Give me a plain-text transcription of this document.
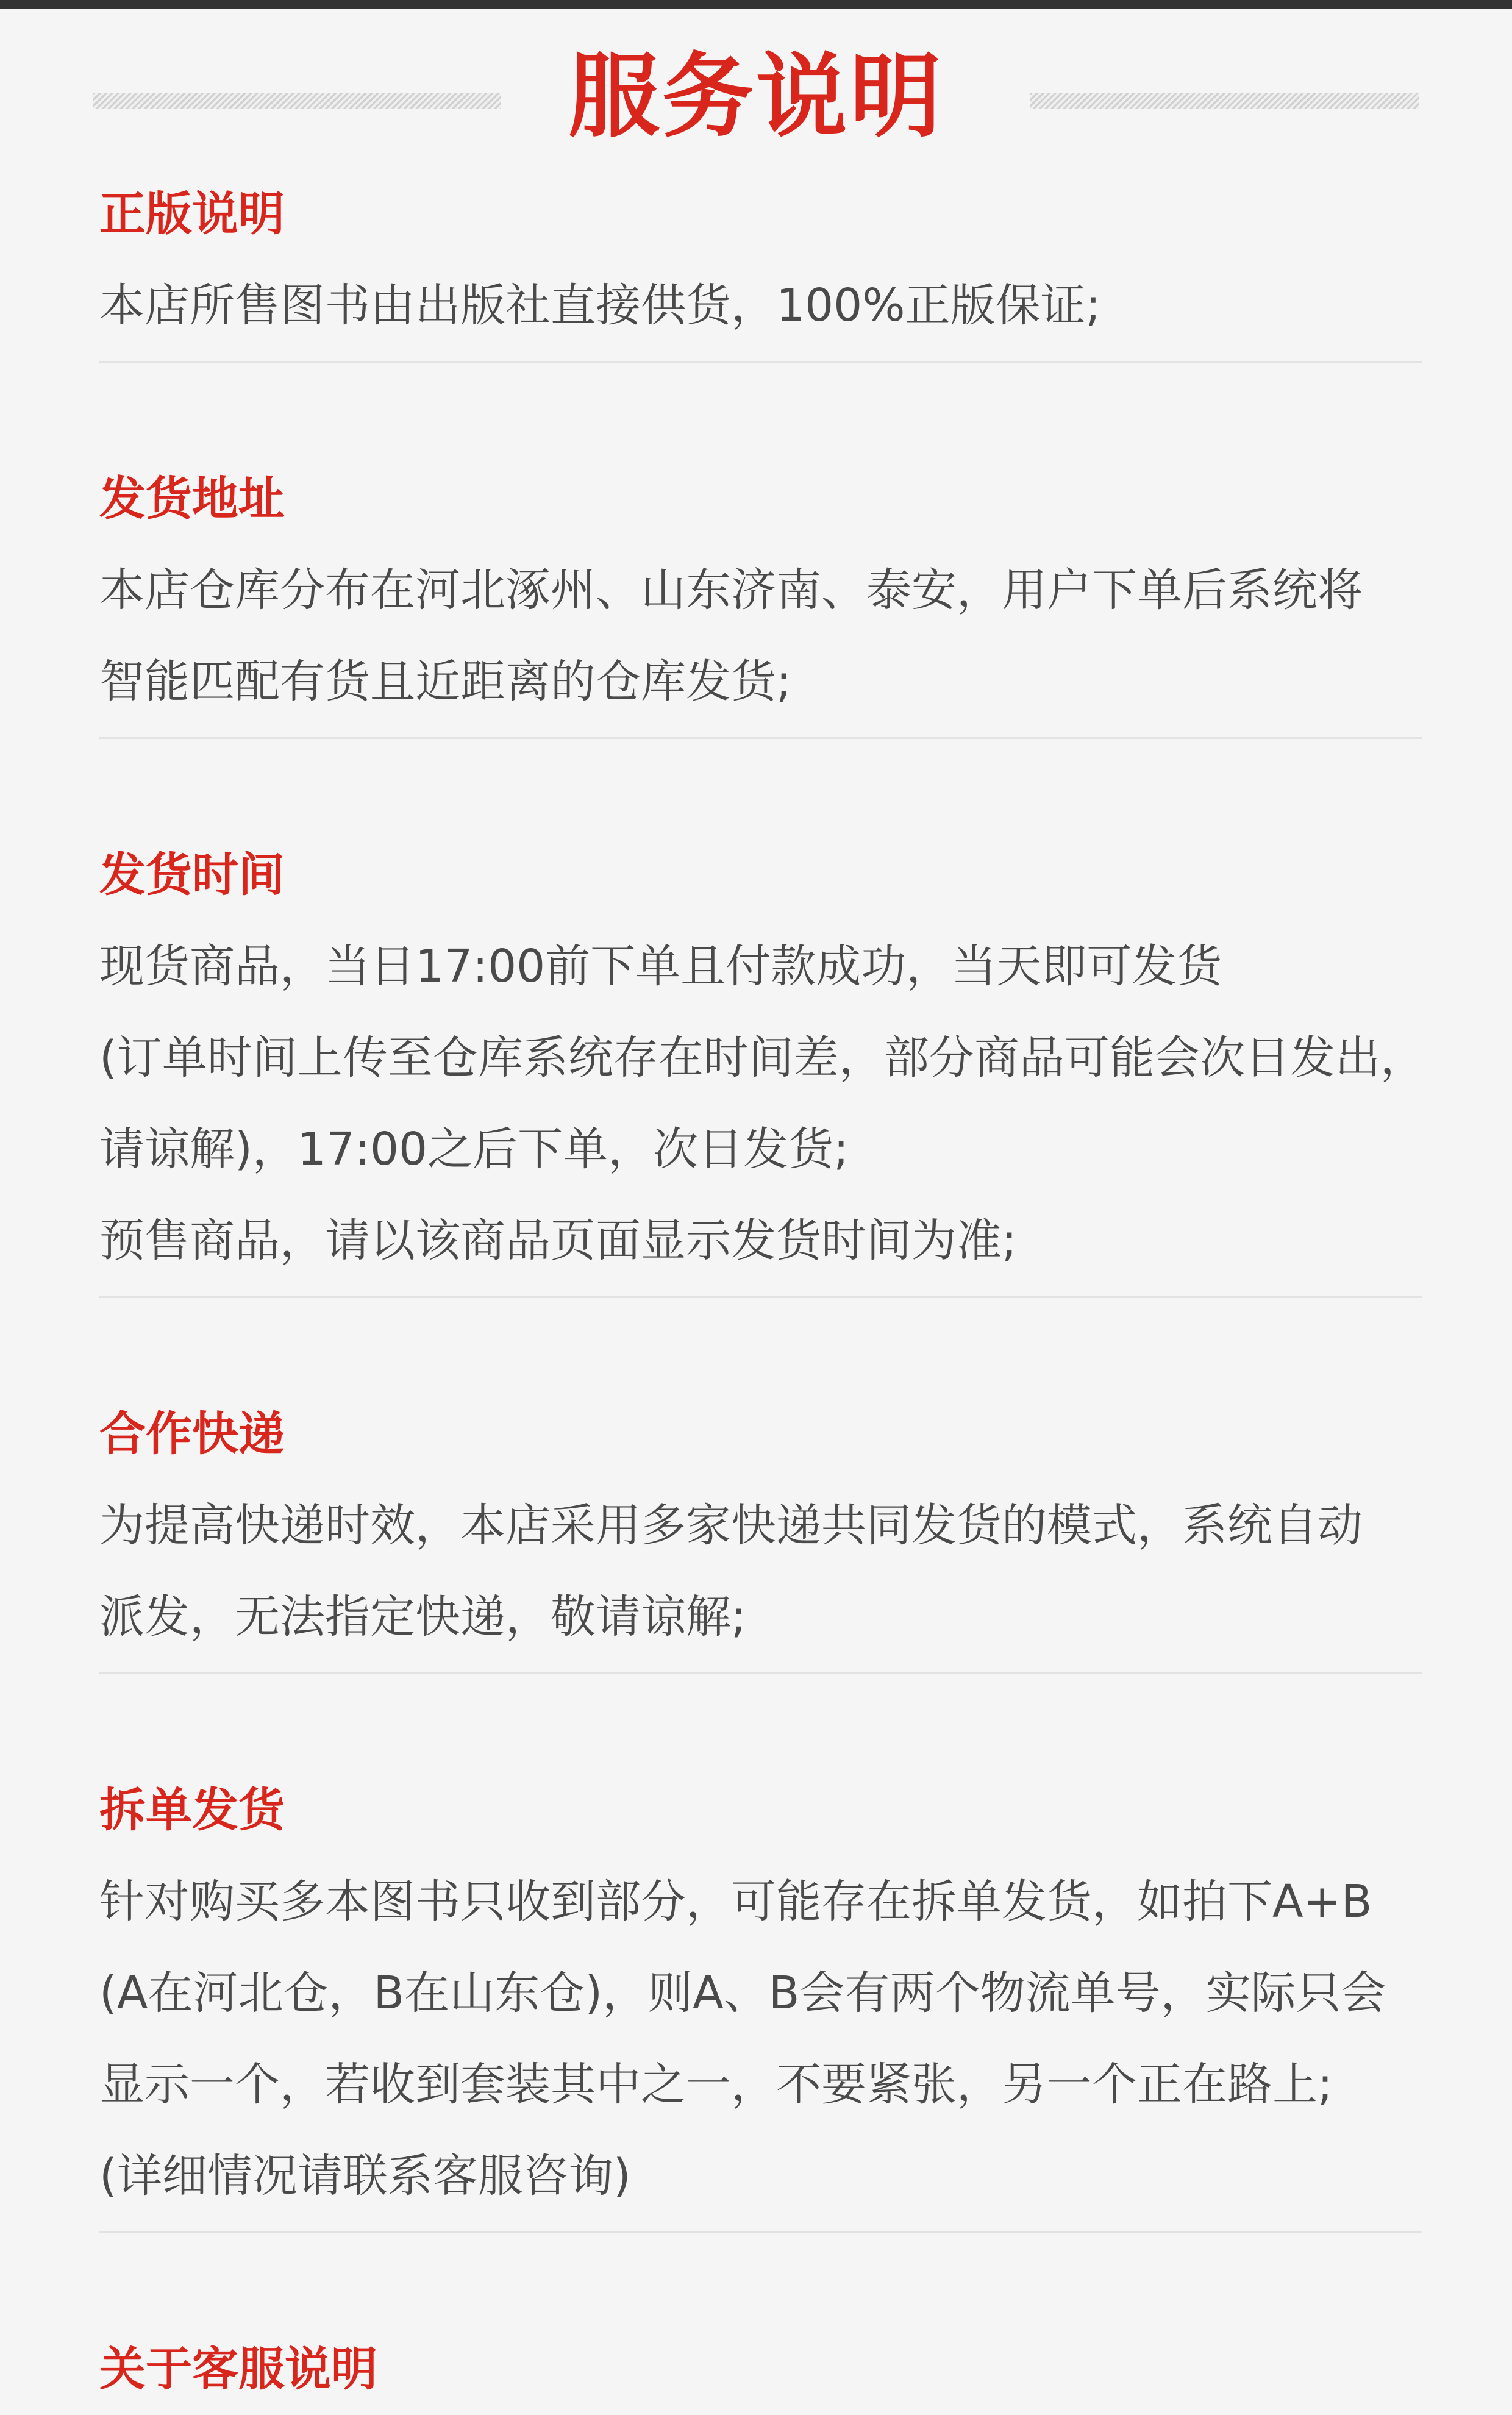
服务说明
正版说明
本店所售图书由出版社直接供货，100%正版保证;
发货地址
本店仓库分布在河北涿州、山东济南、泰安，用户下单后系统将
智能匹配有货且近距离的仓库发货;
发货时间
现货商品，当日17:00前下单且付款成功，当天即可发货
(订单时间上传至仓库系统存在时间差，部分商品可能会次日发出，
请谅解)，17:00之后下单，次日发货;
预售商品，请以该商品页面显示发货时间为准;
合作快递
为提高快递时效，本店采用多家快递共同发货的模式，系统自动
派发，无法指定快递，敬请谅解;
拆单发货
针对购买多本图书只收到部分，可能存在拆单发货，如拍下A+B
(A在河北仓，B在山东仓)，则A、B会有两个物流单号，实际只会
显示一个，若收到套装其中之一，不要紧张，另一个正在路上;
(详细情况请联系客服咨询)
关于客服说明
